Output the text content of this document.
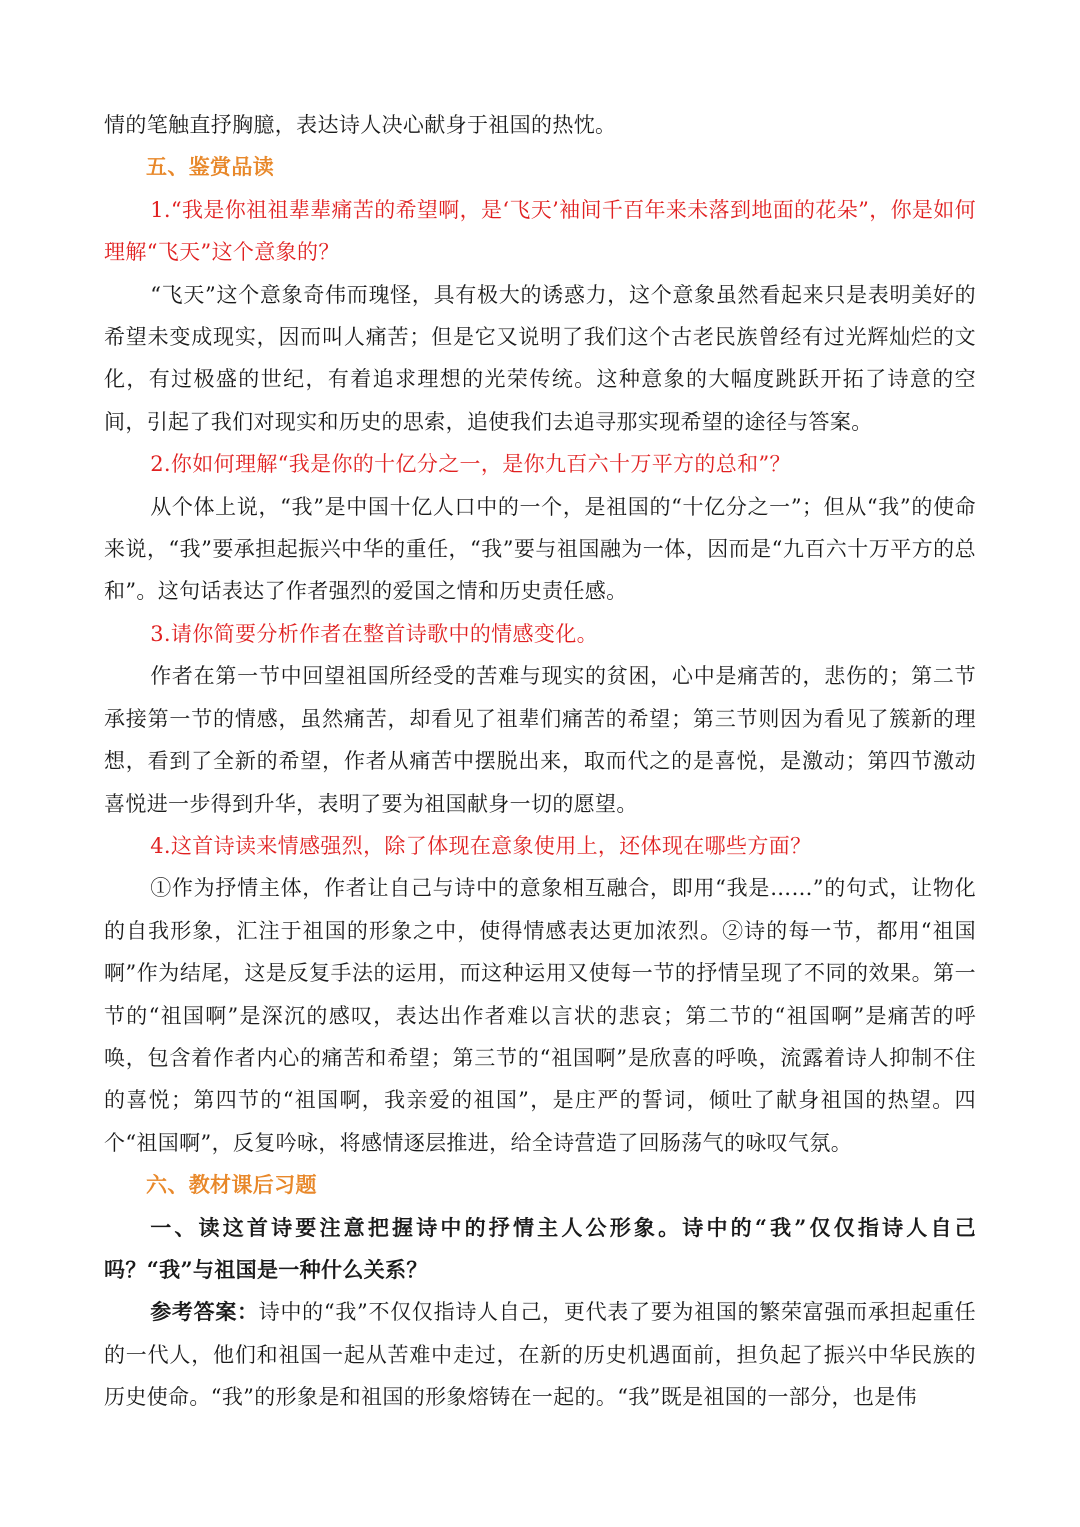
情的笔触直抒胸臆，表达诗人决心献身于祖国的热忱。

五、鉴赏品读

1.“我是你祖祖辈辈痛苦的希望啊，是‘飞天’袖间千百年来未落到地面的花朵”，你是如何理解“飞天”这个意象的？

“飞天”这个意象奇伟而瑰怪，具有极大的诱惑力，这个意象虽然看起来只是表明美好的希望未变成现实，因而叫人痛苦；但是它又说明了我们这个古老民族曾经有过光辉灿烂的文化，有过极盛的世纪，有着追求理想的光荣传统。这种意象的大幅度跳跃开拓了诗意的空间，引起了我们对现实和历史的思索，追使我们去追寻那实现希望的途径与答案。

2.你如何理解“我是你的十亿分之一，是你九百六十万平方的总和”？

从个体上说，“我”是中国十亿人口中的一个，是祖国的“十亿分之一”；但从“我”的使命来说，“我”要承担起振兴中华的重任，“我”要与祖国融为一体，因而是“九百六十万平方的总和”。这句话表达了作者强烈的爱国之情和历史责任感。

3.请你简要分析作者在整首诗歌中的情感变化。

作者在第一节中回望祖国所经受的苦难与现实的贫困，心中是痛苦的，悲伤的；第二节承接第一节的情感，虽然痛苦，却看见了祖辈们痛苦的希望；第三节则因为看见了簇新的理想，看到了全新的希望，作者从痛苦中摆脱出来，取而代之的是喜悦，是激动；第四节激动喜悦进一步得到升华，表明了要为祖国献身一切的愿望。

4.这首诗读来情感强烈，除了体现在意象使用上，还体现在哪些方面？

①作为抒情主体，作者让自己与诗中的意象相互融合，即用“我是……”的句式，让物化的自我形象，汇注于祖国的形象之中，使得情感表达更加浓烈。②诗的每一节，都用“祖国啊”作为结尾，这是反复手法的运用，而这种运用又使每一节的抒情呈现了不同的效果。第一节的“祖国啊”是深沉的感叹，表达出作者难以言状的悲哀；第二节的“祖国啊”是痛苦的呼唤，包含着作者内心的痛苦和希望；第三节的“祖国啊”是欣喜的呼唤，流露着诗人抑制不住的喜悦；第四节的“祖国啊，我亲爱的祖国”，是庄严的誓词，倾吐了献身祖国的热望。四个“祖国啊”，反复吟咏，将感情逐层推进，给全诗营造了回肠荡气的咏叹气氛。

六、教材课后习题

一、读这首诗要注意把握诗中的抒情主人公形象。诗中的“我”仅仅指诗人自己吗？“我”与祖国是一种什么关系？

参考答案：诗中的“我”不仅仅指诗人自己，更代表了要为祖国的繁荣富强而承担起重任的一代人，他们和祖国一起从苦难中走过，在新的历史机遇面前，担负起了振兴中华民族的历史使命。“我”的形象是和祖国的形象熔铸在一起的。“我”既是祖国的一部分，也是伟
